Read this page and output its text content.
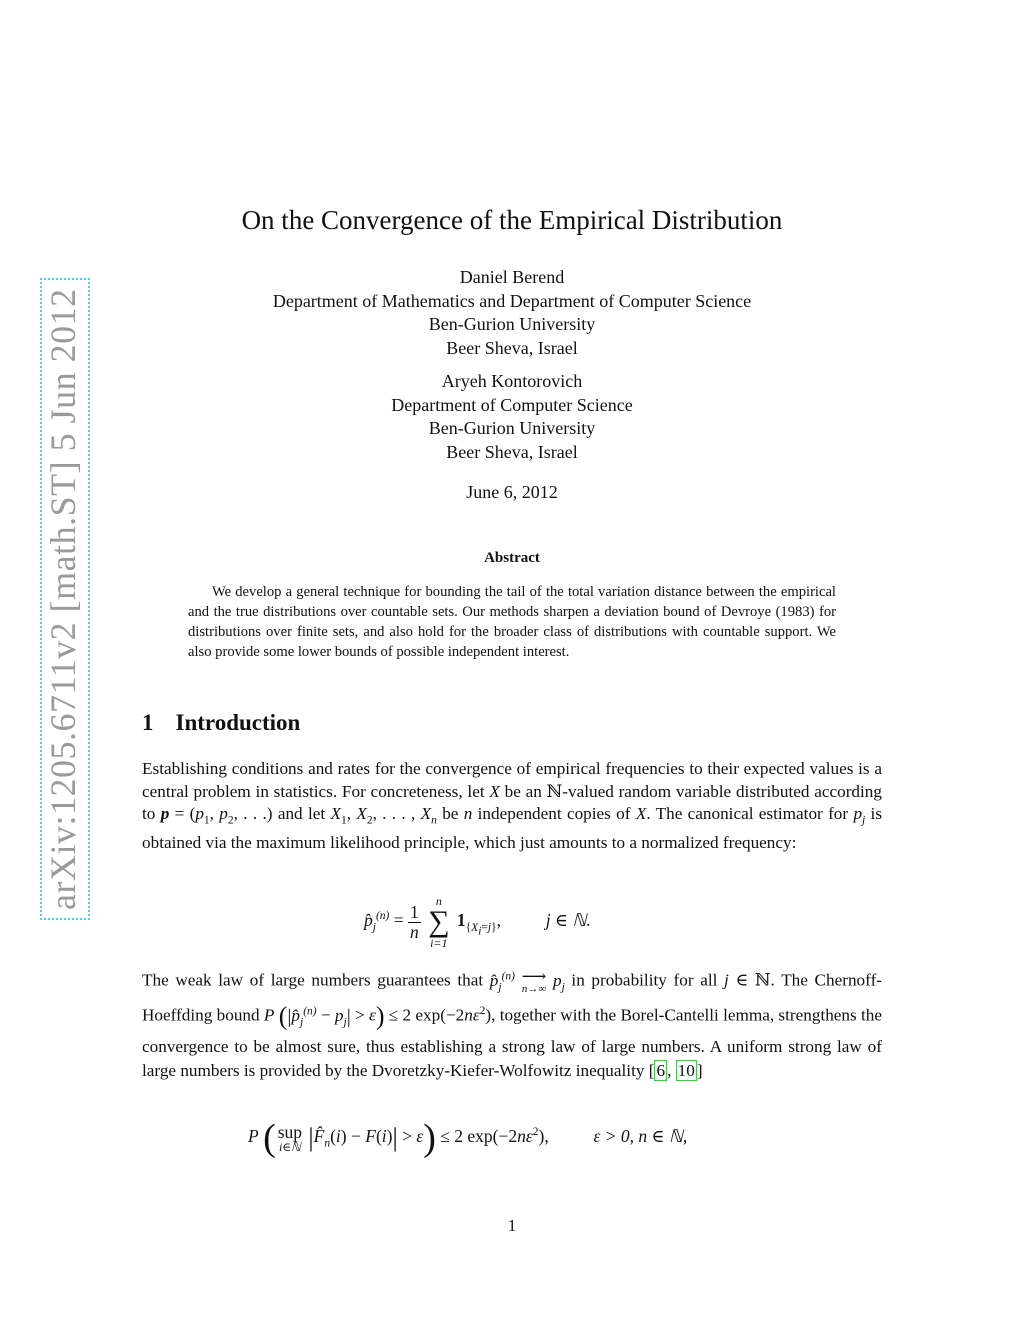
arXiv:1205.6711v2 [math.ST] 5 Jun 2012
On the Convergence of the Empirical Distribution
Daniel Berend
Department of Mathematics and Department of Computer Science
Ben-Gurion University
Beer Sheva, Israel
Aryeh Kontorovich
Department of Computer Science
Ben-Gurion University
Beer Sheva, Israel
June 6, 2012
Abstract
We develop a general technique for bounding the tail of the total variation distance between the empirical and the true distributions over countable sets. Our methods sharpen a deviation bound of Devroye (1983) for distributions over finite sets, and also hold for the broader class of distributions with countable support. We also provide some lower bounds of possible independent interest.
1 Introduction
Establishing conditions and rates for the convergence of empirical frequencies to their expected values is a central problem in statistics. For concreteness, let X be an ℕ-valued random variable distributed according to $p = (p_1$, $p_2$, . . .) and let $X_1$, $X_2$, . . . , $X_n$ be n independent copies of X. The canonical estimator for $p_j$ is obtained via the maximum likelihood principle, which just amounts to a normalized frequency:
$p̂_j^{(n)} = \frac{1}{n}$

n
∑
i=1
$1_{\{X_i=j\}}$,  j ∈ ℕ.
The weak law of large numbers guarantees that $p̂_j^{(n)}$ ⟶
n→∞ $p_j$ in probability for all j ∈ ℕ. The Chernoff-Hoeffding bound P $(|p̂_j^{(n)} - p_j| > \varepsilon) \le 2$ $\exp(-2n\varepsilon^2)$, together with the Borel-Cantelli lemma, strengthens the convergence to be almost sure, thus establishing a strong law of large numbers. A uniform strong law of large numbers is provided by the Dvoretzky-Kiefer-Wolfowitz inequality [ 6 , 10 ]
P ( sup
i∈ℕ $|F̂_n(i) - F(i)| > \varepsilon) \le 2$ $\exp(-2n\varepsilon^2)$,  ε > 0, n ∈ ℕ,
1
